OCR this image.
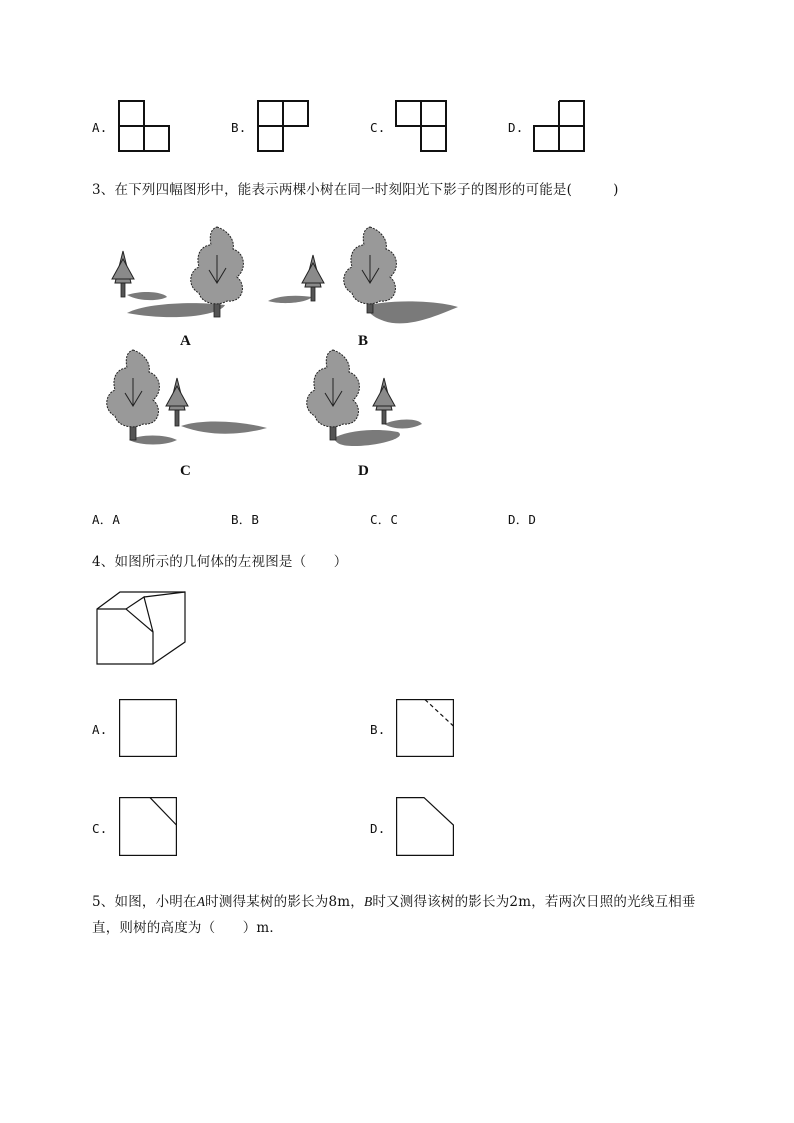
A.	B.	C.	D.
3、在下列四幅图形中，能表示两棵小树在同一时刻阳光下影子的图形的可能是(　　　)
A	B
C	D
A．A	B．B	C．C	D．D
4、如图所示的几何体的左视图是（　　）
A.	B.
C.	D.
5、如图，小明在A时测得某树的影长为8m，B时又测得该树的影长为2m，若两次日照的光线互相垂
直，则树的高度为（　　）m．
